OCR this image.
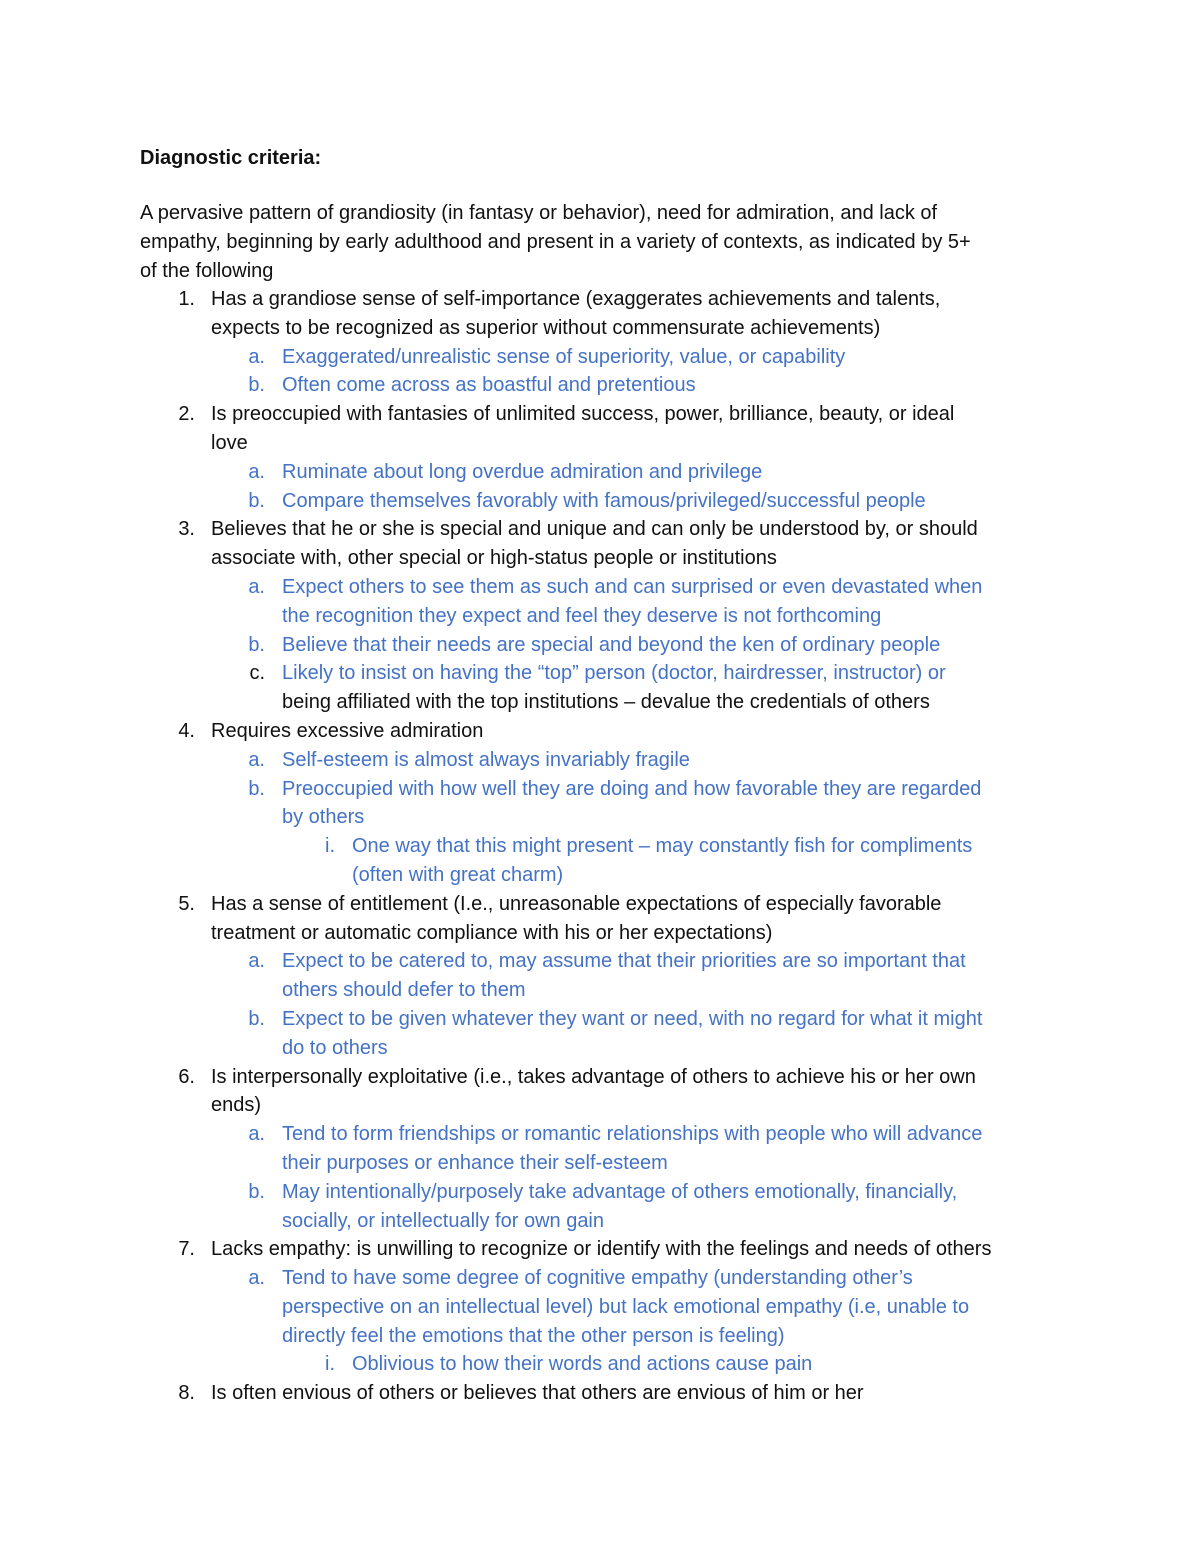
Diagnostic criteria:
A pervasive pattern of grandiosity (in fantasy or behavior), need for admiration, and lack of
empathy, beginning by early adulthood and present in a variety of contexts, as indicated by 5+
of the following
1. Has a grandiose sense of self-importance (exaggerates achievements and talents,
expects to be recognized as superior without commensurate achievements)
a. Exaggerated/unrealistic sense of superiority, value, or capability
b. Often come across as boastful and pretentious
2. Is preoccupied with fantasies of unlimited success, power, brilliance, beauty, or ideal
love
a. Ruminate about long overdue admiration and privilege
b. Compare themselves favorably with famous/privileged/successful people
3. Believes that he or she is special and unique and can only be understood by, or should
associate with, other special or high-status people or institutions
a. Expect others to see them as such and can surprised or even devastated when
the recognition they expect and feel they deserve is not forthcoming
b. Believe that their needs are special and beyond the ken of ordinary people
c. Likely to insist on having the “top” person (doctor, hairdresser, instructor) or
being affiliated with the top institutions – devalue the credentials of others
4. Requires excessive admiration
a. Self-esteem is almost always invariably fragile
b. Preoccupied with how well they are doing and how favorable they are regarded
by others
i. One way that this might present – may constantly fish for compliments
(often with great charm)
5. Has a sense of entitlement (I.e., unreasonable expectations of especially favorable
treatment or automatic compliance with his or her expectations)
a. Expect to be catered to, may assume that their priorities are so important that
others should defer to them
b. Expect to be given whatever they want or need, with no regard for what it might
do to others
6. Is interpersonally exploitative (i.e., takes advantage of others to achieve his or her own
ends)
a. Tend to form friendships or romantic relationships with people who will advance
their purposes or enhance their self-esteem
b. May intentionally/purposely take advantage of others emotionally, financially,
socially, or intellectually for own gain
7. Lacks empathy: is unwilling to recognize or identify with the feelings and needs of others
a. Tend to have some degree of cognitive empathy (understanding other’s
perspective on an intellectual level) but lack emotional empathy (i.e, unable to
directly feel the emotions that the other person is feeling)
i. Oblivious to how their words and actions cause pain
8. Is often envious of others or believes that others are envious of him or her
